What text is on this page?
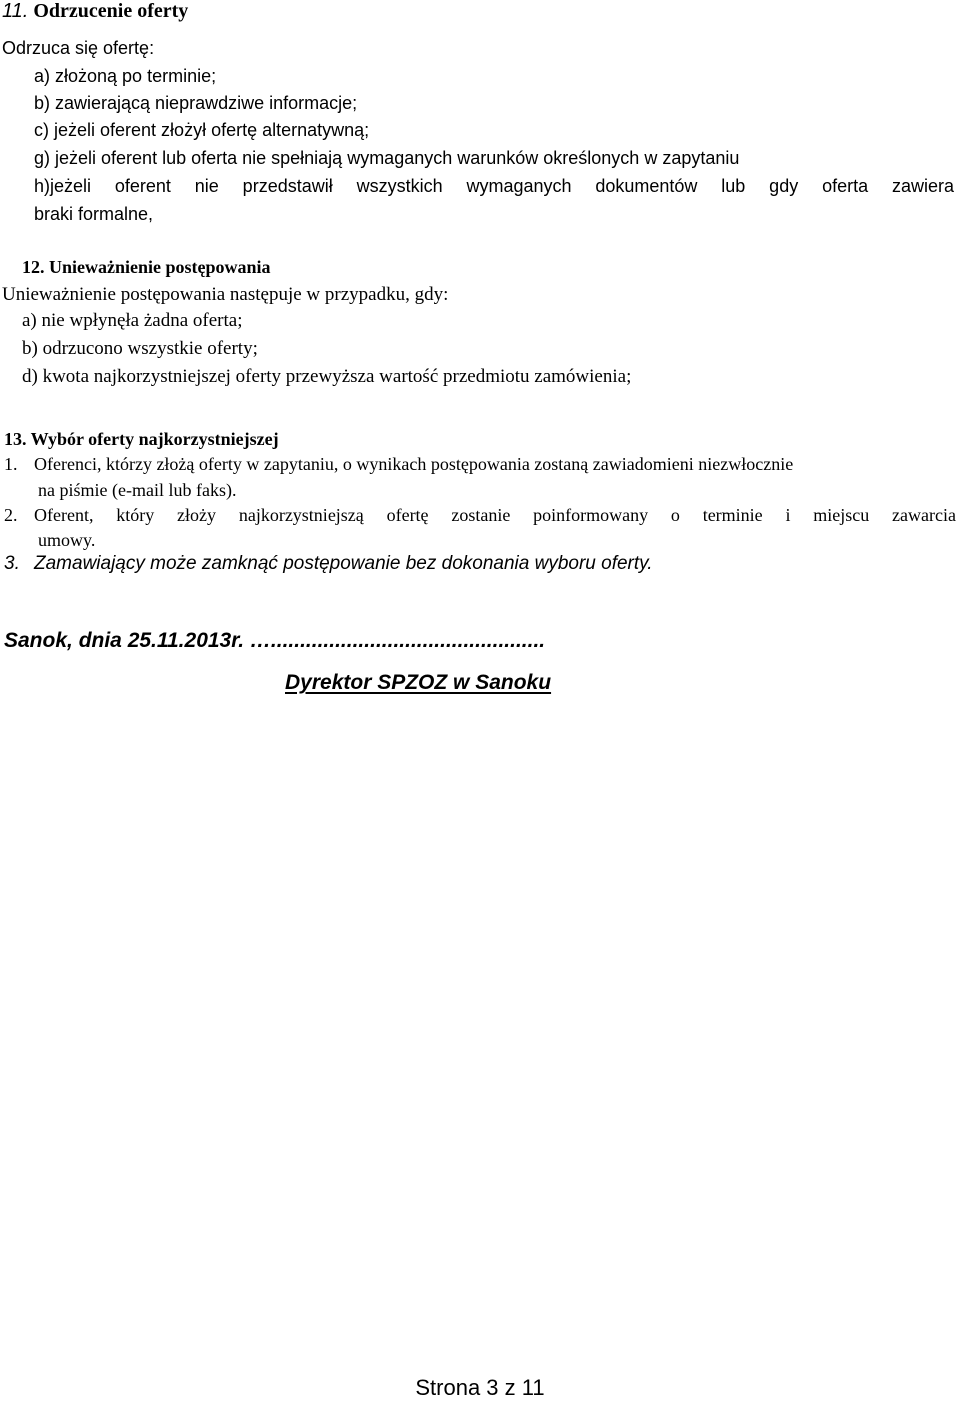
11. Odrzucenie oferty
Odrzuca się ofertę:
a) złożoną po terminie;
b) zawierającą nieprawdziwe informacje;
c) jeżeli oferent złożył ofertę alternatywną;
g) jeżeli oferent lub oferta nie spełniają wymaganych warunków określonych w zapytaniu
h)jeżeli oferent nie przedstawił wszystkich wymaganych dokumentów lub gdy oferta zawiera
braki formalne,
12. Unieważnienie postępowania
Unieważnienie postępowania następuje w przypadku, gdy:
a) nie wpłynęła żadna oferta;
b) odrzucono wszystkie oferty;
d) kwota najkorzystniejszej oferty przewyższa wartość przedmiotu zamówienia;
13. Wybór oferty najkorzystniejszej
1. Oferenci, którzy złożą oferty w zapytaniu, o wynikach postępowania zostaną zawiadomieni niezwłocznie
na piśmie (e-mail lub faks).
2. Oferent, który złoży najkorzystniejszą ofertę zostanie poinformowany o terminie i miejscu zawarcia
umowy.
3. Zamawiający może zamknąć postępowanie bez dokonania wyboru oferty.
Sanok, dnia 25.11.2013r. …...............................................
Dyrektor SPZOZ w Sanoku
Strona 3 z 11
